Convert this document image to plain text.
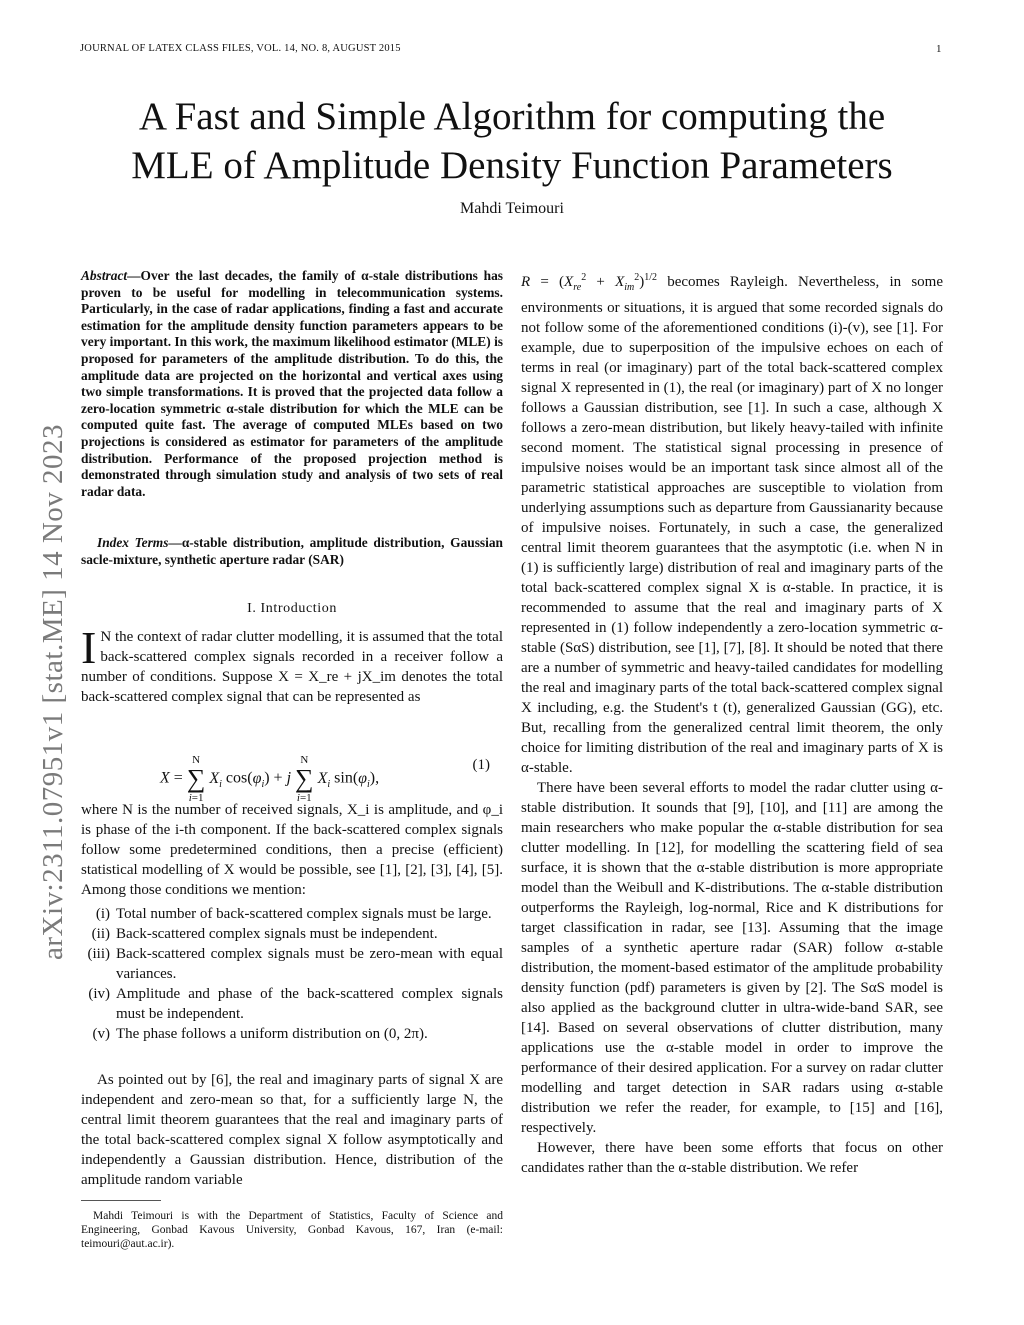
JOURNAL OF LATEX CLASS FILES, VOL. 14, NO. 8, AUGUST 2015	1
A Fast and Simple Algorithm for computing the
MLE of Amplitude Density Function Parameters
Mahdi Teimouri
arXiv:2311.07951v1 [stat.ME] 14 Nov 2023

Abstract—Over the last decades, the family of α-stale distributions has proven to be useful for modelling in telecommunication systems. Particularly, in the case of radar applications, finding a fast and accurate estimation for the amplitude density function parameters appears to be very important. In this work, the maximum likelihood estimator (MLE) is proposed for parameters of the amplitude distribution. To do this, the amplitude data are projected on the horizontal and vertical axes using two simple transformations. It is proved that the projected data follow a zero-location symmetric α-stale distribution for which the MLE can be computed quite fast. The average of computed MLEs based on two projections is considered as estimator for parameters of the amplitude distribution. Performance of the proposed projection method is demonstrated through simulation study and analysis of two sets of real radar data.

Index Terms—α-stable distribution, amplitude distribution, Gaussian sacle-mixture, synthetic aperture radar (SAR)

I. Introduction

I N the context of radar clutter modelling, it is assumed that the total back-scattered complex signals recorded in a receiver follow a number of conditions. Suppose X = X_re + jX_im denotes the total back-scattered complex signal that can be represented as

X =
N
∑
i=1
$X_i$ $\cos(\varphi_i) + j$
N
∑
i=1
$X_i$ $\sin(\varphi_i)$,
(1)

where N is the number of received signals, X_i is amplitude, and φ_i is phase of the i-th component. If the back-scattered complex signals follow some predetermined conditions, then a precise (efficient) statistical modelling of X would be possible, see [1], [2], [3], [4], [5]. Among those conditions we mention:

(i) Total number of back-scattered complex signals must be large.
(ii) Back-scattered complex signals must be independent.
(iii) Back-scattered complex signals must be zero-mean with equal variances.
(iv) Amplitude and phase of the back-scattered complex signals must be independent.
(v) The phase follows a uniform distribution on (0, 2π).

As pointed out by [6], the real and imaginary parts of signal X are independent and zero-mean so that, for a sufficiently large N, the central limit theorem guarantees that the real and imaginary parts of the total back-scattered complex signal X follow asymptotically and independently a Gaussian distribution. Hence, distribution of the amplitude random variable

Mahdi Teimouri is with the Department of Statistics, Faculty of Science and Engineering, Gonbad Kavous University, Gonbad Kavous, 167, Iran (e-mail: teimouri@aut.ac.ir).

$R = (X_{re}^2 + X_{im}^2)^{1/2}$ becomes Rayleigh. Nevertheless, in some environments or situations, it is argued that some recorded signals do not follow some of the aforementioned conditions (i)-(v), see [1]. For example, due to superposition of the impulsive echoes on each of terms in real (or imaginary) part of the total back-scattered complex signal X represented in (1), the real (or imaginary) part of X no longer follows a Gaussian distribution, see [1]. In such a case, although X follows a zero-mean distribution, but likely heavy-tailed with infinite second moment. The statistical signal processing in presence of impulsive noises would be an important task since almost all of the parametric statistical approaches are susceptible to violation from underlying assumptions such as departure from Gaussianarity because of impulsive noises. Fortunately, in such a case, the generalized central limit theorem guarantees that the asymptotic (i.e. when N in (1) is sufficiently large) distribution of real and imaginary parts of the total back-scattered complex signal X is α-stable. In practice, it is recommended to assume that the real and imaginary parts of X represented in (1) follow independently a zero-location symmetric α-stable (SαS) distribution, see [1], [7], [8]. It should be noted that there are a number of symmetric and heavy-tailed candidates for modelling the real and imaginary parts of the total back-scattered complex signal X including, e.g. the Student's t (t), generalized Gaussian (GG), etc. But, recalling from the generalized central limit theorem, the only choice for limiting distribution of the real and imaginary parts of X is α-stable.

There have been several efforts to model the radar clutter using α-stable distribution. It sounds that [9], [10], and [11] are among the main researchers who make popular the α-stable distribution for sea clutter modelling. In [12], for modelling the scattering field of sea surface, it is shown that the α-stable distribution is more appropriate model than the Weibull and K-distributions. The α-stable distribution outperforms the Rayleigh, log-normal, Rice and K distributions for target classification in radar, see [13]. Assuming that the image samples of a synthetic aperture radar (SAR) follow α-stable distribution, the moment-based estimator of the amplitude probability density function (pdf) parameters is given by [2]. The SαS model is also applied as the background clutter in ultra-wide-band SAR, see [14]. Based on several observations of clutter distribution, many applications use the α-stable model in order to improve the performance of their desired application. For a survey on radar clutter modelling and target detection in SAR radars using α-stable distribution we refer the reader, for example, to [15] and [16], respectively.

However, there have been some efforts that focus on other candidates rather than the α-stable distribution. We refer
